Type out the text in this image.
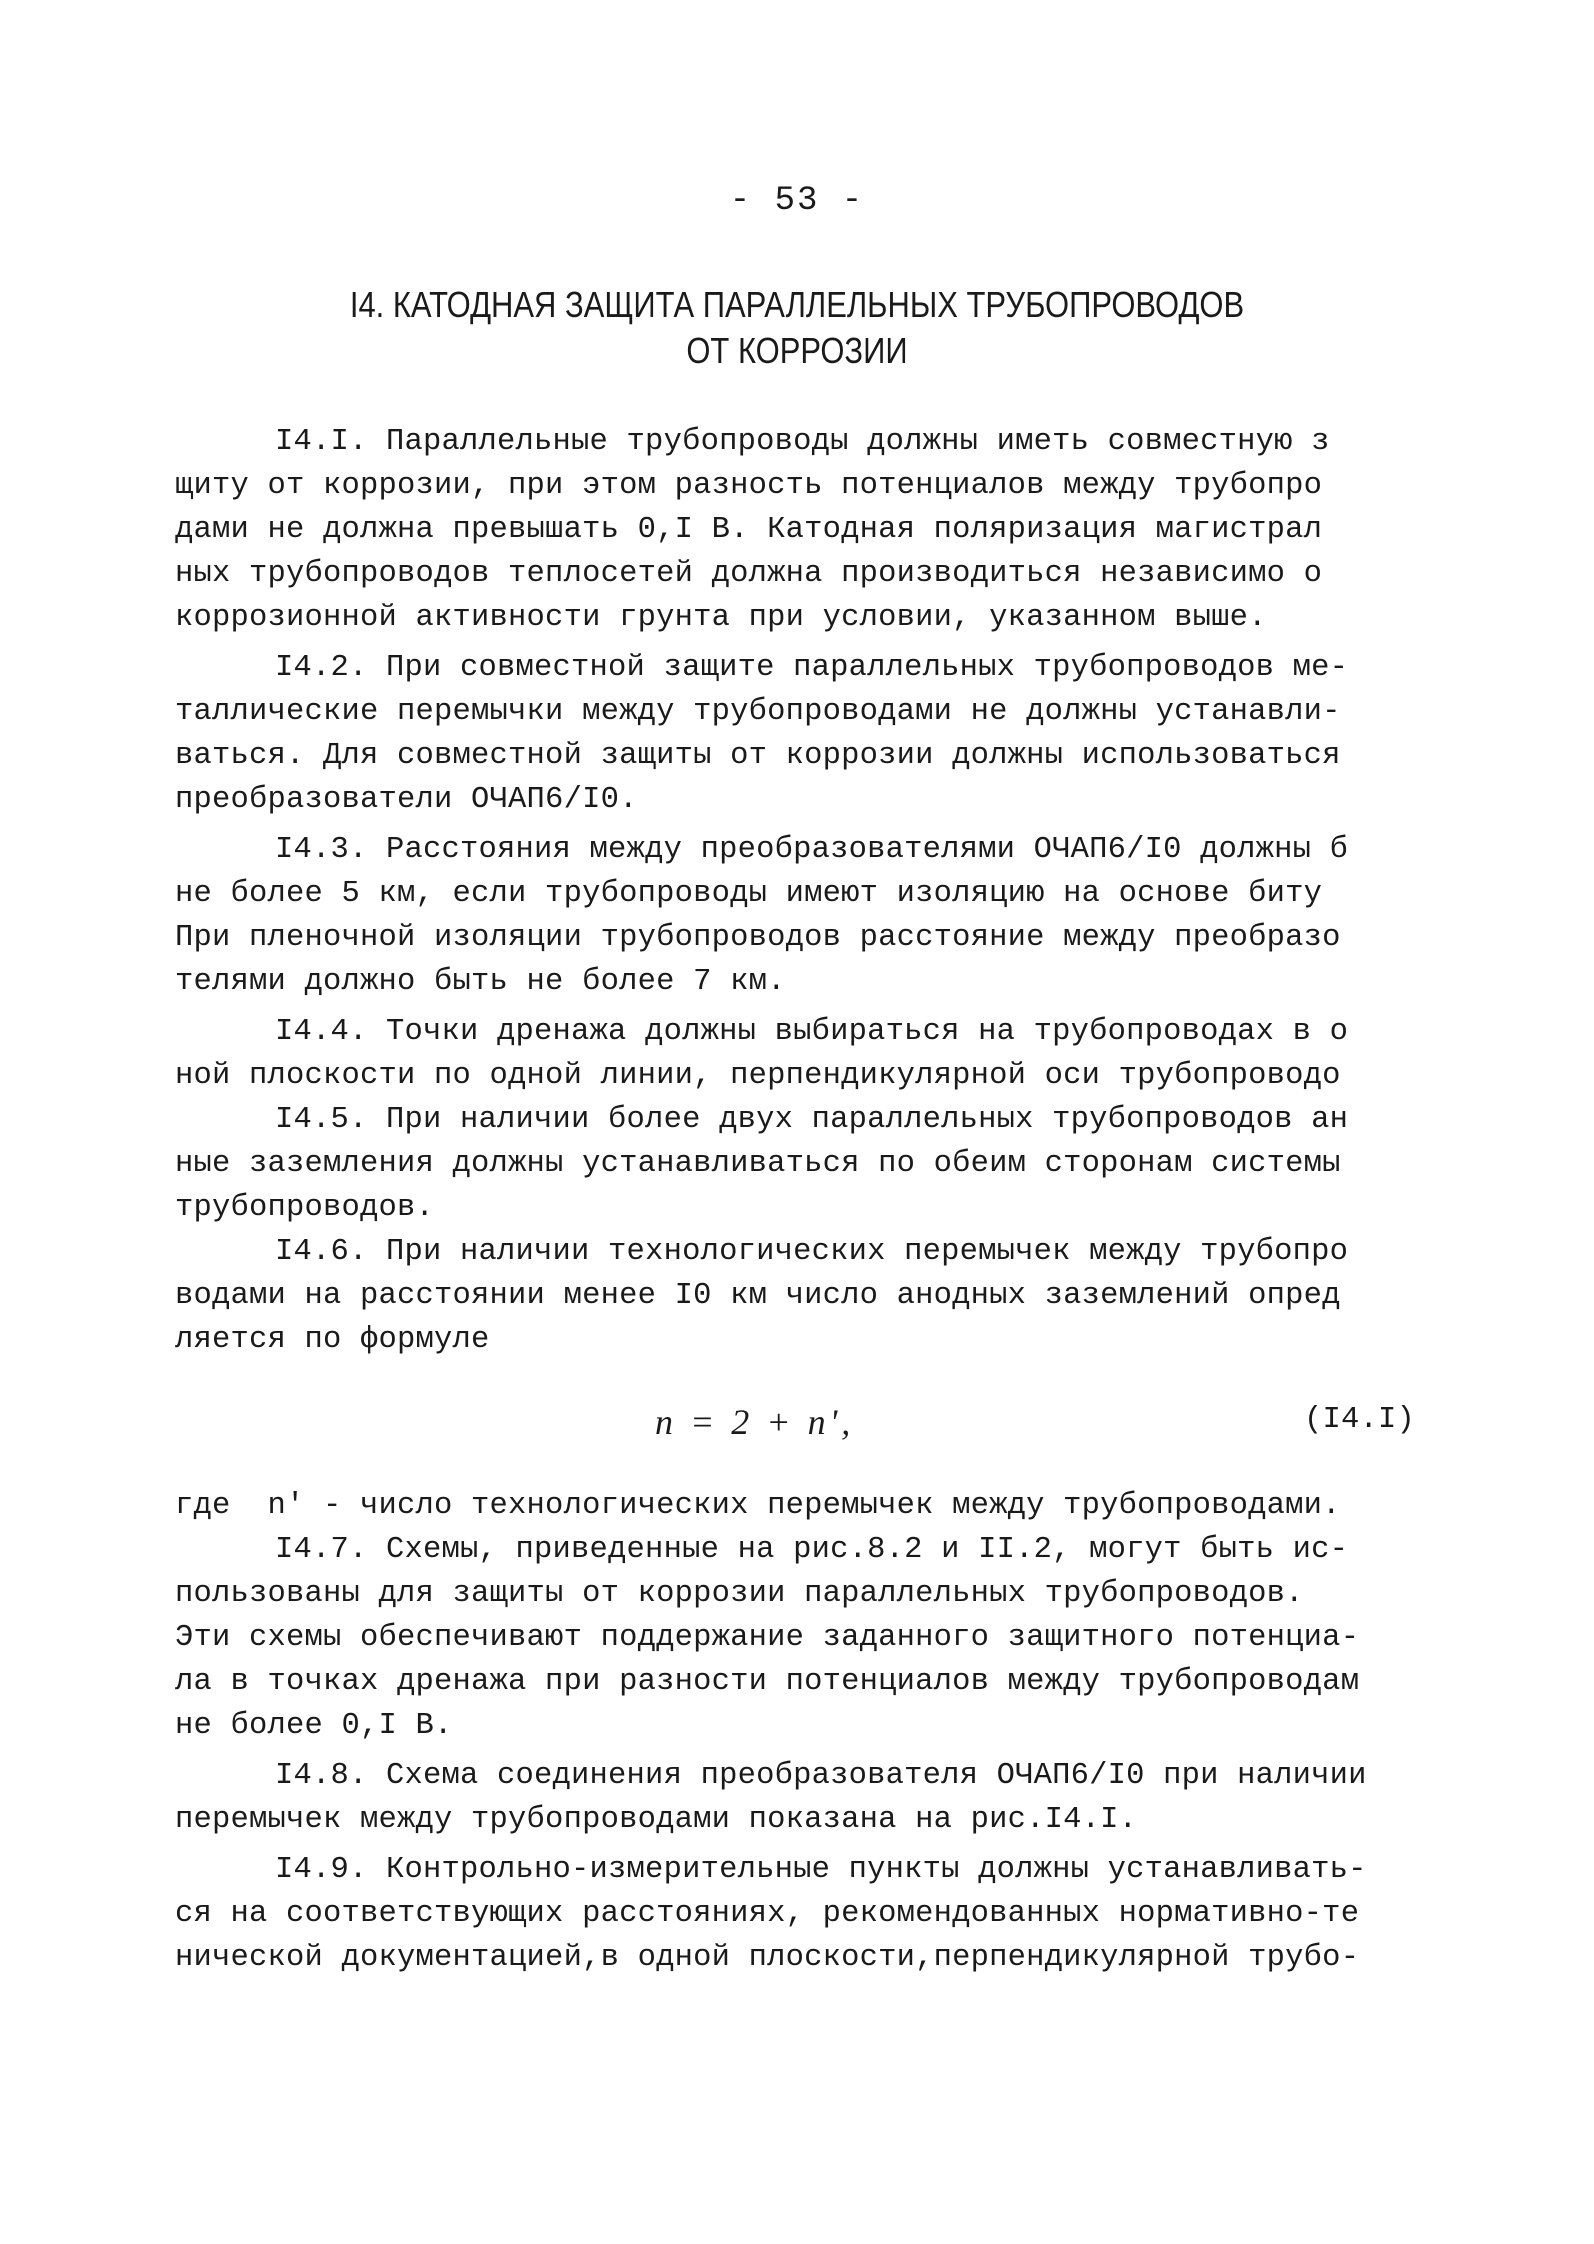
- 53 -
I4. КАТОДНАЯ ЗАЩИТА ПАРАЛЛЕЛЬНЫХ ТРУБОПРОВОДОВ
ОТ КОРРОЗИИ
I4.I. Параллельные трубопроводы должны иметь совместную з
щиту от коррозии, при этом разность потенциалов между трубопро
дами не должна превышать 0,I В. Катодная поляризация магистрал
ных трубопроводов теплосетей должна производиться независимо о
коррозионной активности грунта при условии, указанном выше.
I4.2. При совместной защите параллельных трубопроводов ме-
таллические перемычки между трубопроводами не должны устанавли-
ваться. Для совместной защиты от коррозии должны использоваться
преобразователи ОЧАП6/I0.
I4.3. Расстояния между преобразователями ОЧАП6/I0 должны б
не более 5 км, если трубопроводы имеют изоляцию на основе биту
При пленочной изоляции трубопроводов расстояние между преобразо
телями должно быть не более 7 км.
I4.4. Точки дренажа должны выбираться на трубопроводах в о
ной плоскости по одной линии, перпендикулярной оси трубопроводо
I4.5. При наличии более двух параллельных трубопроводов ан
ные заземления должны устанавливаться по обеим сторонам системы
трубопроводов.
I4.6. При наличии технологических перемычек между трубопро
водами на расстоянии менее I0 км число анодных заземлений опред
ляется по формуле
n = 2 + n',	(I4.I)
где  n' - число технологических перемычек между трубопроводами.
I4.7. Схемы, приведенные на рис.8.2 и II.2, могут быть ис-
пользованы для защиты от коррозии параллельных трубопроводов.
Эти схемы обеспечивают поддержание заданного защитного потенциа-
ла в точках дренажа при разности потенциалов между трубопроводам
не более 0,I В.
I4.8. Схема соединения преобразователя ОЧАП6/I0 при наличии
перемычек между трубопроводами показана на рис.I4.I.
I4.9. Контрольно-измерительные пункты должны устанавливать-
ся на соответствующих расстояниях, рекомендованных нормативно-те
нической документацией,в одной плоскости,перпендикулярной трубо-
